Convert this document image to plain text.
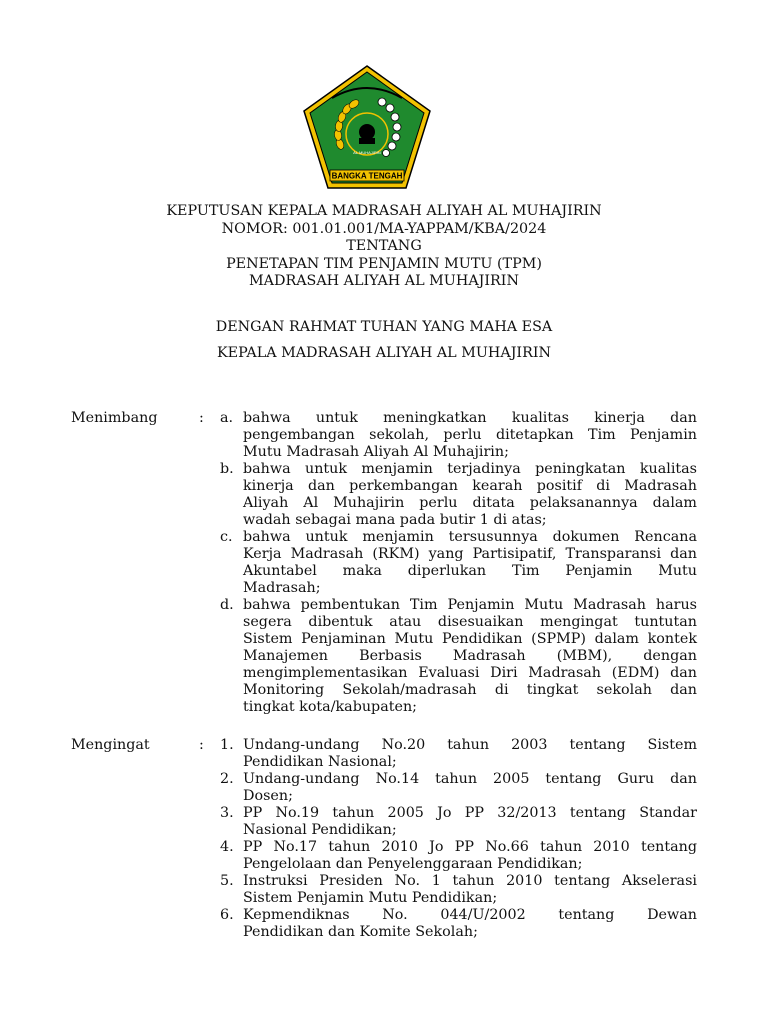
AL MUHAJIRIN
BANGKA TENGAH
KEPUTUSAN KEPALA MADRASAH ALIYAH AL MUHAJIRIN
NOMOR: 001.01.001/MA-YAPPAM/KBA/2024
TENTANG
PENETAPAN TIM PENJAMIN MUTU (TPM)
MADRASAH ALIYAH AL MUHAJIRIN
DENGAN RAHMAT TUHAN YANG MAHA ESA
KEPALA MADRASAH ALIYAH AL MUHAJIRIN
Menimbang	: a. bahwa untuk meningkatkan kualitas kinerja dan
pengembangan sekolah, perlu ditetapkan Tim Penjamin
Mutu Madrasah Aliyah Al Muhajirin;
b. bahwa untuk menjamin terjadinya peningkatan kualitas
kinerja dan perkembangan kearah positif di Madrasah
Aliyah Al Muhajirin perlu ditata pelaksanannya dalam
wadah sebagai mana pada butir 1 di atas;
c. bahwa untuk menjamin tersusunnya dokumen Rencana
Kerja Madrasah (RKM) yang Partisipatif, Transparansi dan
Akuntabel maka diperlukan Tim Penjamin Mutu
Madrasah;
d. bahwa pembentukan Tim Penjamin Mutu Madrasah harus
segera dibentuk atau disesuaikan mengingat tuntutan
Sistem Penjaminan Mutu Pendidikan (SPMP) dalam kontek
Manajemen Berbasis Madrasah (MBM), dengan
mengimplementasikan Evaluasi Diri Madrasah (EDM) dan
Monitoring Sekolah/madrasah di tingkat sekolah dan
tingkat kota/kabupaten;
Mengingat	: 1. Undang-undang No.20 tahun 2003 tentang Sistem
Pendidikan Nasional;
2. Undang-undang No.14 tahun 2005 tentang Guru dan
Dosen;
3. PP No.19 tahun 2005 Jo PP 32/2013 tentang Standar
Nasional Pendidikan;
4. PP No.17 tahun 2010 Jo PP No.66 tahun 2010 tentang
Pengelolaan dan Penyelenggaraan Pendidikan;
5. Instruksi Presiden No. 1 tahun 2010 tentang Akselerasi
Sistem Penjamin Mutu Pendidikan;
6. Kepmendiknas No. 044/U/2002 tentang Dewan
Pendidikan dan Komite Sekolah;
